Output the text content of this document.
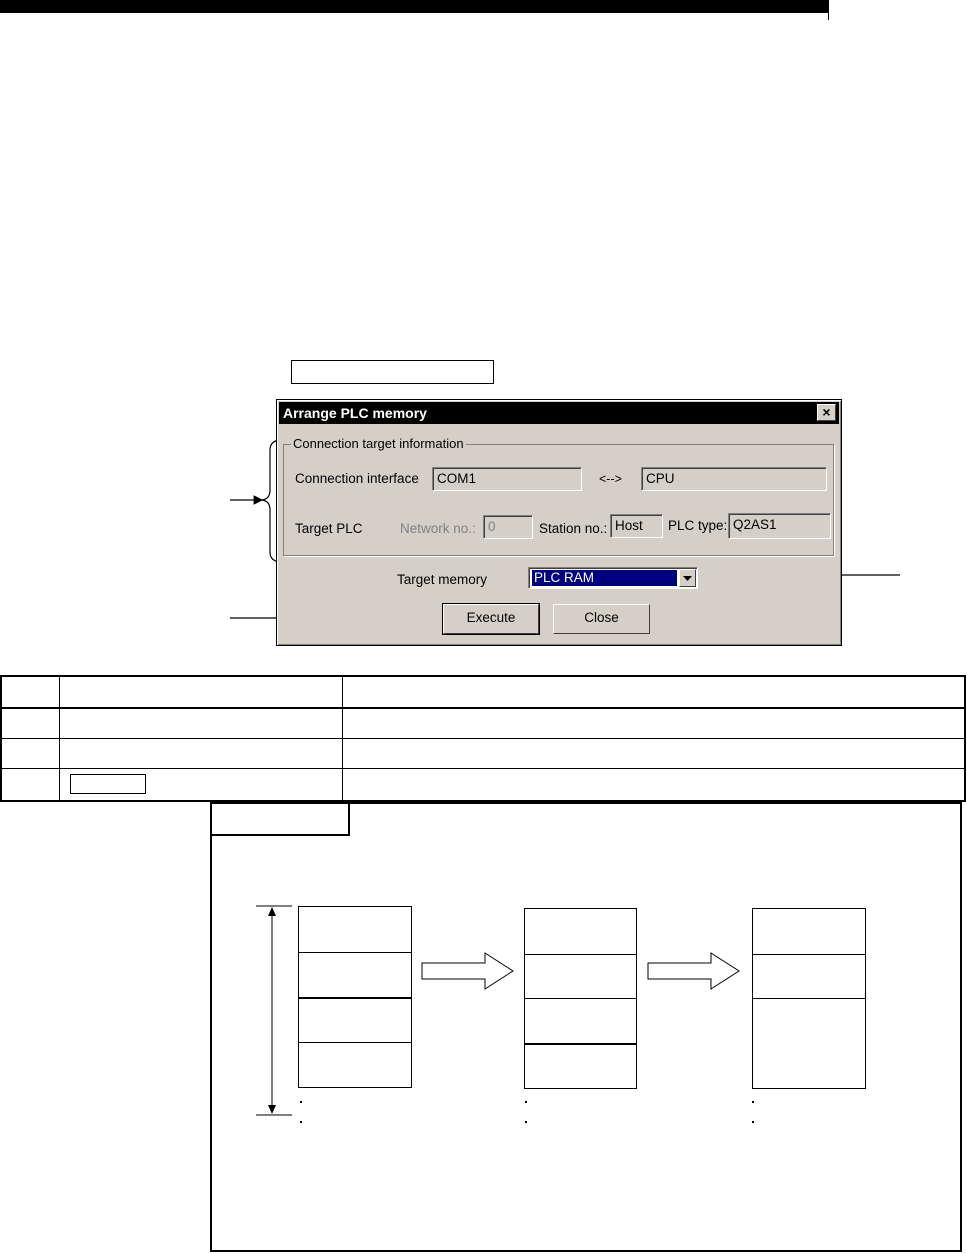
Arrange PLC memory	×
Connection target information
Connection interface	COM1	<-->	CPU
Target PLC	Network no.: 0	Station no.: Host	PLC type: Q2AS1
Target memory	PLC RAM
Execute	Close
